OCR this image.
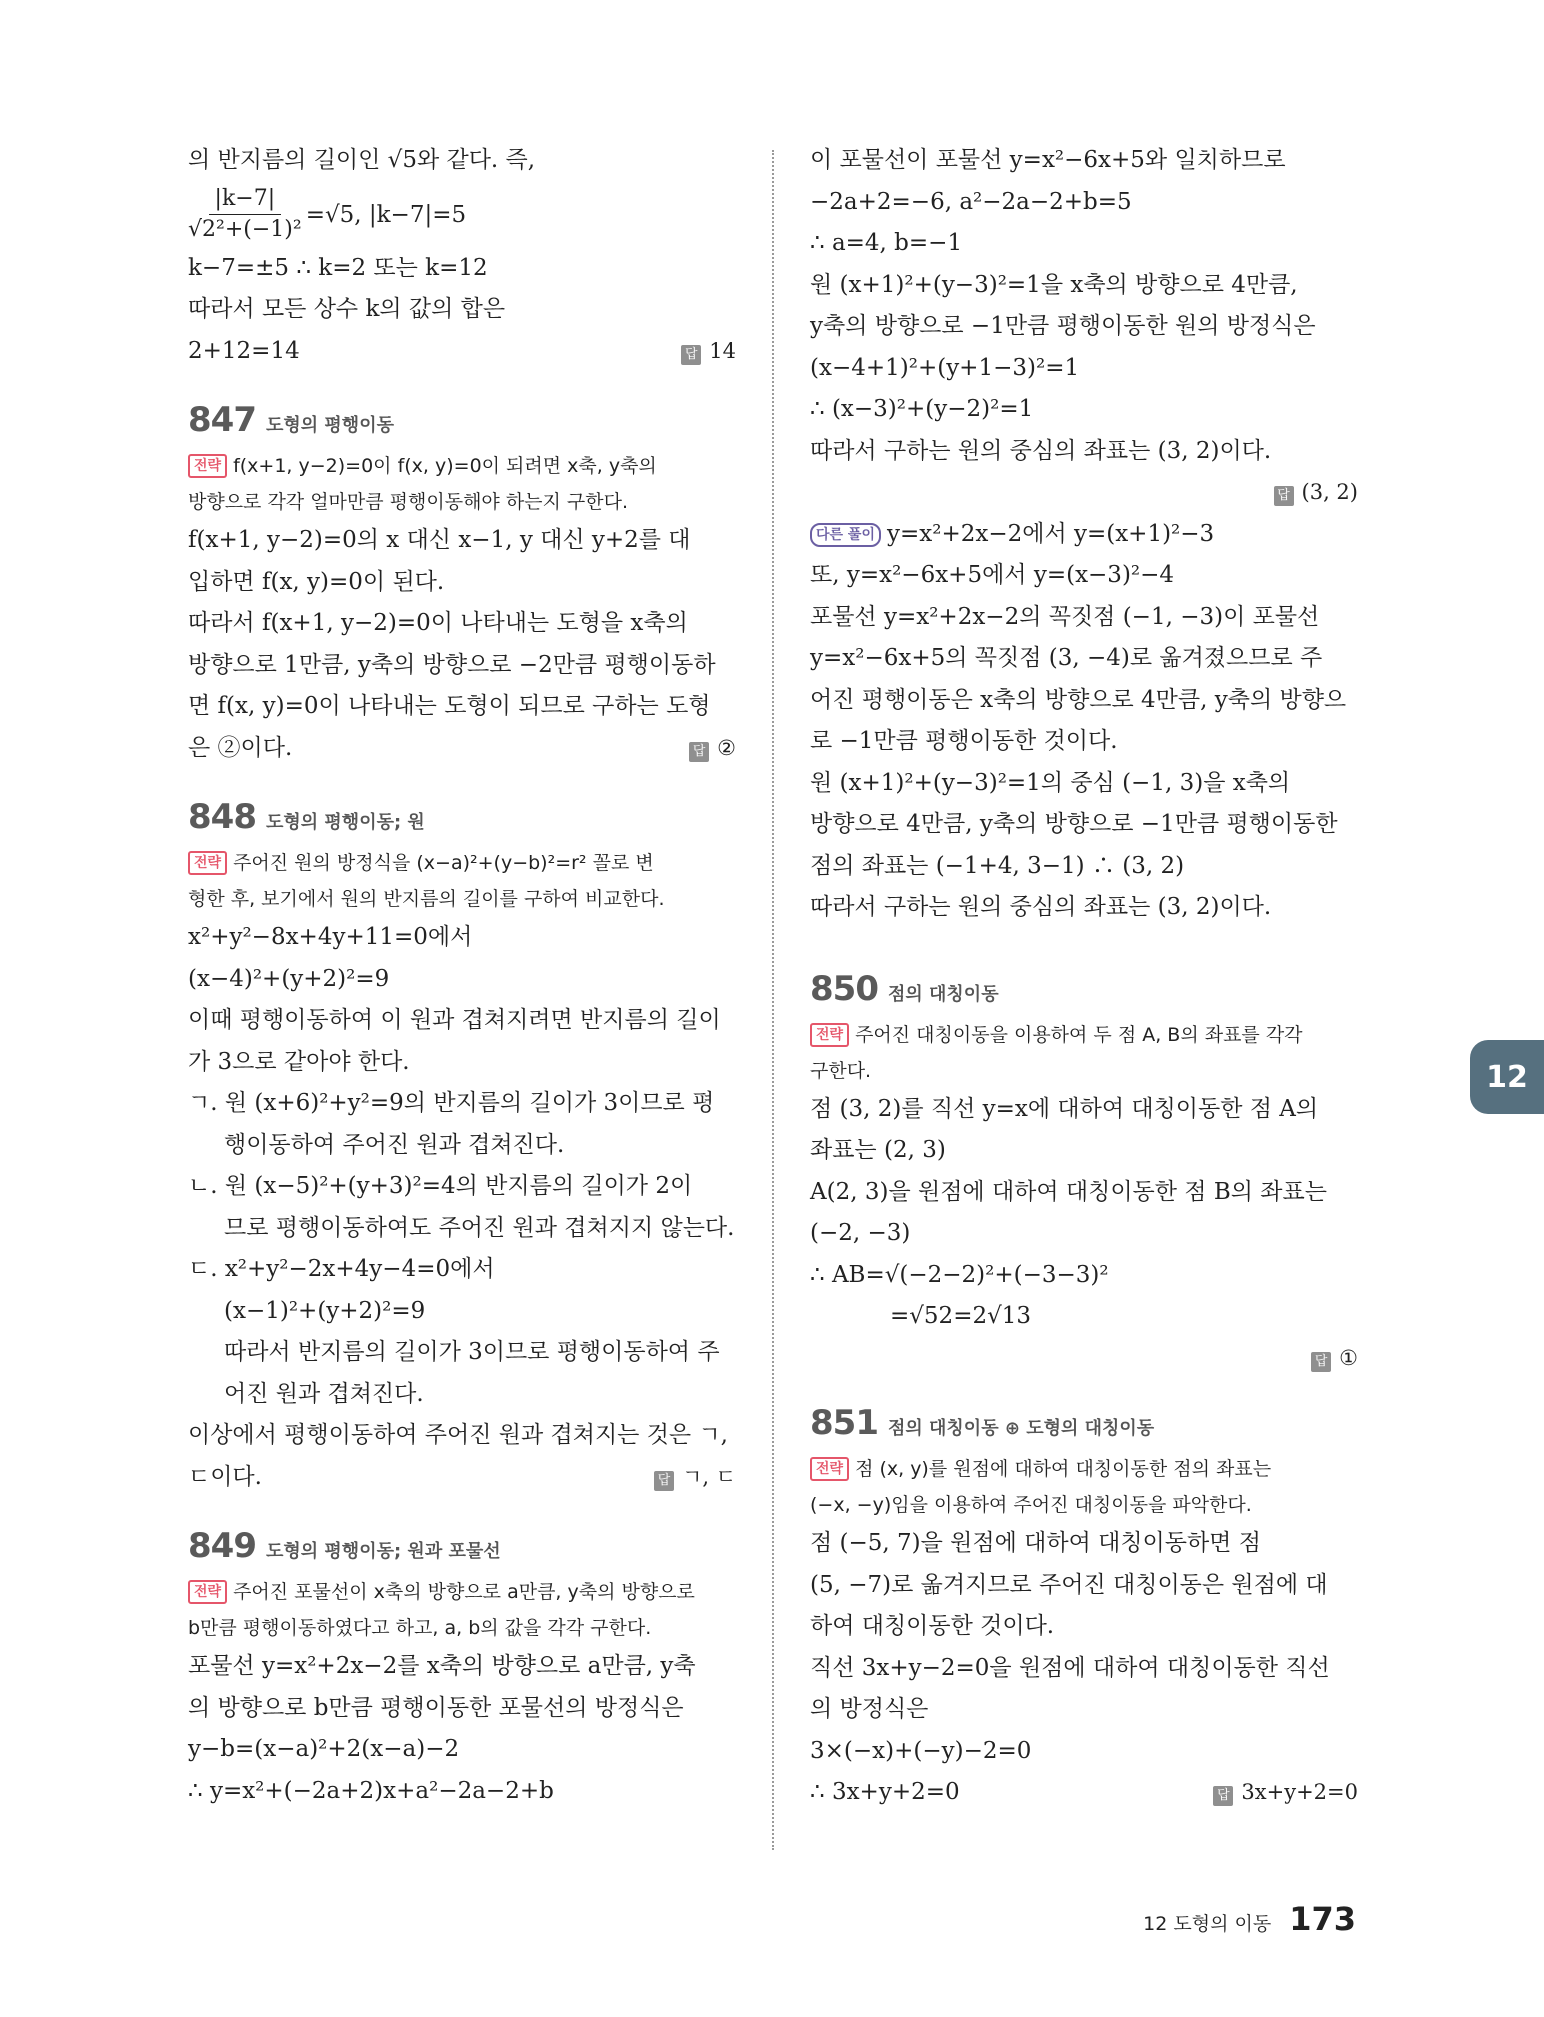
의 반지름의 길이인 √5와 같다. 즉,
$\frac{|k-7|}{\text{√2²+(−1)²}} =√5$, |k−7|=5
k−7=±5 ∴ k=2 또는 k=12
따라서 모든 상수 k의 값의 합은
2+12=14	답 14
847 도형의 평행이동
전략 f(x+1, y−2)=0이 f(x, y)=0이 되려면 x축, y축의
방향으로 각각 얼마만큼 평행이동해야 하는지 구한다.
f(x+1, y−2)=0의 x 대신 x−1, y 대신 y+2를 대
입하면 f(x, y)=0이 된다.
따라서 f(x+1, y−2)=0이 나타내는 도형을 x축의
방향으로 1만큼, y축의 방향으로 −2만큼 평행이동하
면 f(x, y)=0이 나타내는 도형이 되므로 구하는 도형
은 ②이다.	답 ②
848 도형의 평행이동; 원
전략 주어진 원의 방정식을 (x−a)²+(y−b)²=r² 꼴로 변
형한 후, 보기에서 원의 반지름의 길이를 구하여 비교한다.
x²+y²−8x+4y+11=0에서
(x−4)²+(y+2)²=9
이때 평행이동하여 이 원과 겹쳐지려면 반지름의 길이
가 3으로 같아야 한다.
ㄱ. 원 (x+6)²+y²=9의 반지름의 길이가 3이므로 평
행이동하여 주어진 원과 겹쳐진다.
ㄴ. 원 (x−5)²+(y+3)²=4의 반지름의 길이가 2이
므로 평행이동하여도 주어진 원과 겹쳐지지 않는다.
ㄷ. x²+y²−2x+4y−4=0에서
(x−1)²+(y+2)²=9
따라서 반지름의 길이가 3이므로 평행이동하여 주
어진 원과 겹쳐진다.
이상에서 평행이동하여 주어진 원과 겹쳐지는 것은 ㄱ,
ㄷ이다.	답 ㄱ, ㄷ
849 도형의 평행이동; 원과 포물선
전략 주어진 포물선이 x축의 방향으로 a만큼, y축의 방향으로
b만큼 평행이동하였다고 하고, a, b의 값을 각각 구한다.
포물선 y=x²+2x−2를 x축의 방향으로 a만큼, y축
의 방향으로 b만큼 평행이동한 포물선의 방정식은
y−b=(x−a)²+2(x−a)−2
∴ y=x²+(−2a+2)x+a²−2a−2+b
이 포물선이 포물선 y=x²−6x+5와 일치하므로
−2a+2=−6, a²−2a−2+b=5
∴ a=4, b=−1
원 (x+1)²+(y−3)²=1을 x축의 방향으로 4만큼,
y축의 방향으로 −1만큼 평행이동한 원의 방정식은
(x−4+1)²+(y+1−3)²=1
∴ (x−3)²+(y−2)²=1
따라서 구하는 원의 중심의 좌표는 (3, 2)이다.
답 (3, 2)
다른 풀이 y=x²+2x−2에서 y=(x+1)²−3
또, y=x²−6x+5에서 y=(x−3)²−4
포물선 y=x²+2x−2의 꼭짓점 (−1, −3)이 포물선
y=x²−6x+5의 꼭짓점 (3, −4)로 옮겨졌으므로 주
어진 평행이동은 x축의 방향으로 4만큼, y축의 방향으
로 −1만큼 평행이동한 것이다.
원 (x+1)²+(y−3)²=1의 중심 (−1, 3)을 x축의
방향으로 4만큼, y축의 방향으로 −1만큼 평행이동한
점의 좌표는 (−1+4, 3−1) ∴ (3, 2)
따라서 구하는 원의 중심의 좌표는 (3, 2)이다.
850 점의 대칭이동
전략 주어진 대칭이동을 이용하여 두 점 A, B의 좌표를 각각
구한다.
점 (3, 2)를 직선 y=x에 대하여 대칭이동한 점 A의
좌표는 (2, 3)
A(2, 3)을 원점에 대하여 대칭이동한 점 B의 좌표는
(−2, −3)
∴ AB=√(−2−2)²+(−3−3)²
=√52=2√13
답 ①
851 점의 대칭이동 ⊕ 도형의 대칭이동
전략 점 (x, y)를 원점에 대하여 대칭이동한 점의 좌표는
(−x, −y)임을 이용하여 주어진 대칭이동을 파악한다.
점 (−5, 7)을 원점에 대하여 대칭이동하면 점
(5, −7)로 옮겨지므로 주어진 대칭이동은 원점에 대
하여 대칭이동한 것이다.
직선 3x+y−2=0을 원점에 대하여 대칭이동한 직선
의 방정식은
3×(−x)+(−y)−2=0
∴ 3x+y+2=0	답 3x+y+2=0
12
12 도형의 이동 173
